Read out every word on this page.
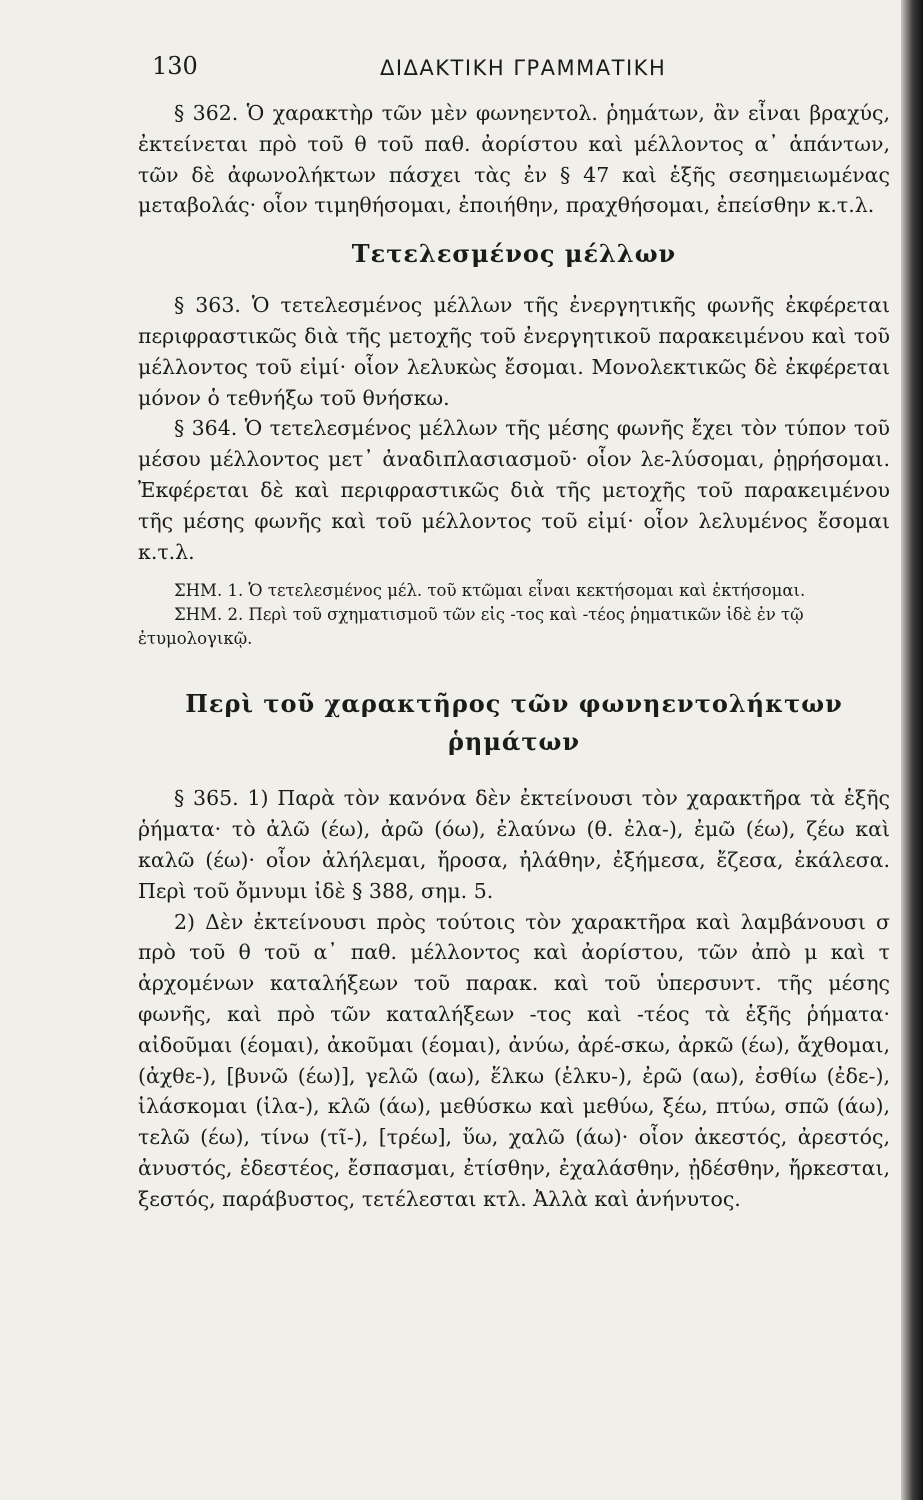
130	ΔΙΔΑΚΤΙΚΗ ΓΡΑΜΜΑΤΙΚΗ

§ 362. Ὁ χαρακτὴρ τῶν μὲν φωνηεντολ. ῥημάτων, ἂν εἶναι βραχύς, ἐκτείνεται πρὸ τοῦ θ τοῦ παθ. ἀορίστου καὶ μέλλοντος α᾽ ἁπάντων, τῶν δὲ ἀφωνολήκτων πάσχει τὰς ἐν § 47 καὶ ἑξῆς σεσημειωμένας μεταβολάς· οἷον τιμηθήσομαι, ἐποιήθην, πραχθήσομαι, ἐπείσθην κ.τ.λ.

Τετελεσμένος μέλλων

§ 363. Ὁ τετελεσμένος μέλλων τῆς ἐνεργητικῆς φωνῆς ἐκφέρεται περιφραστικῶς διὰ τῆς μετοχῆς τοῦ ἐνεργητικοῦ παρακειμένου καὶ τοῦ μέλλοντος τοῦ εἰμί· οἷον λελυκὼς ἔσομαι. Μονολεκτικῶς δὲ ἐκφέρεται μόνον ὁ τεθνήξω τοῦ θνήσκω.

§ 364. Ὁ τετελεσμένος μέλλων τῆς μέσης φωνῆς ἔχει τὸν τύπον τοῦ μέσου μέλλοντος μετ᾽ ἀναδιπλασιασμοῦ· οἷον λε-λύσομαι, ῥῃρήσομαι. Ἐκφέρεται δὲ καὶ περιφραστικῶς διὰ τῆς μετοχῆς τοῦ παρακειμένου τῆς μέσης φωνῆς καὶ τοῦ μέλλοντος τοῦ εἰμί· οἷον λελυμένος ἔσομαι κ.τ.λ.

ΣΗΜ. 1. Ὁ τετελεσμένος μέλ. τοῦ κτῶμαι εἶναι κεκτήσομαι καὶ ἐκτήσομαι.

ΣΗΜ. 2. Περὶ τοῦ σχηματισμοῦ τῶν εἰς -τος καὶ -τέος ῥηματικῶν ἰδὲ ἐν τῷ ἐτυμολογικῷ.

Περὶ τοῦ χαρακτῆρος τῶν φωνηεντολήκτων
ῥημάτων

§ 365. 1) Παρὰ τὸν κανόνα δὲν ἐκτείνουσι τὸν χαρακτῆρα τὰ ἑξῆς ῥήματα· τὸ ἀλῶ (έω), ἀρῶ (όω), ἐλαύνω (θ. ἐλα-), ἐμῶ (έω), ζέω καὶ καλῶ (έω)· οἷον ἀλήλεμαι, ἤροσα, ἠλάθην, ἐξήμεσα, ἔζεσα, ἐκάλεσα. Περὶ τοῦ ὄμνυμι ἰδὲ § 388, σημ. 5.

2) Δὲν ἐκτείνουσι πρὸς τούτοις τὸν χαρακτῆρα καὶ λαμβάνουσι σ πρὸ τοῦ θ τοῦ α᾽ παθ. μέλλοντος καὶ ἀορίστου, τῶν ἀπὸ μ καὶ τ ἀρχομένων καταλήξεων τοῦ παρακ. καὶ τοῦ ὑπερσυντ. τῆς μέσης φωνῆς, καὶ πρὸ τῶν καταλήξεων -τος καὶ -τέος τὰ ἑξῆς ῥήματα· αἰδοῦμαι (έομαι), ἀκοῦμαι (έομαι), ἀνύω, ἀρέ-σκω, ἀρκῶ (έω), ἄχθομαι, (ἀχθε-), [βυνῶ (έω)], γελῶ (αω), ἕλκω (ἑλκυ-), ἐρῶ (αω), ἐσθίω (ἐδε-), ἱλάσκομαι (ἱλα-), κλῶ (άω), μεθύσκω καὶ μεθύω, ξέω, πτύω, σπῶ (άω), τελῶ (έω), τίνω (τῖ-), [τρέω], ὕω, χαλῶ (άω)· οἷον ἀκεστός, ἀρεστός, ἀνυστός, ἐδεστέος, ἔσπασμαι, ἐτίσθην, ἐχαλάσθην, ᾐδέσθην, ἤρκεσται, ξεστός, παράβυστος, τετέλεσται κτλ. Ἀλλὰ καὶ ἀνήνυτος.
